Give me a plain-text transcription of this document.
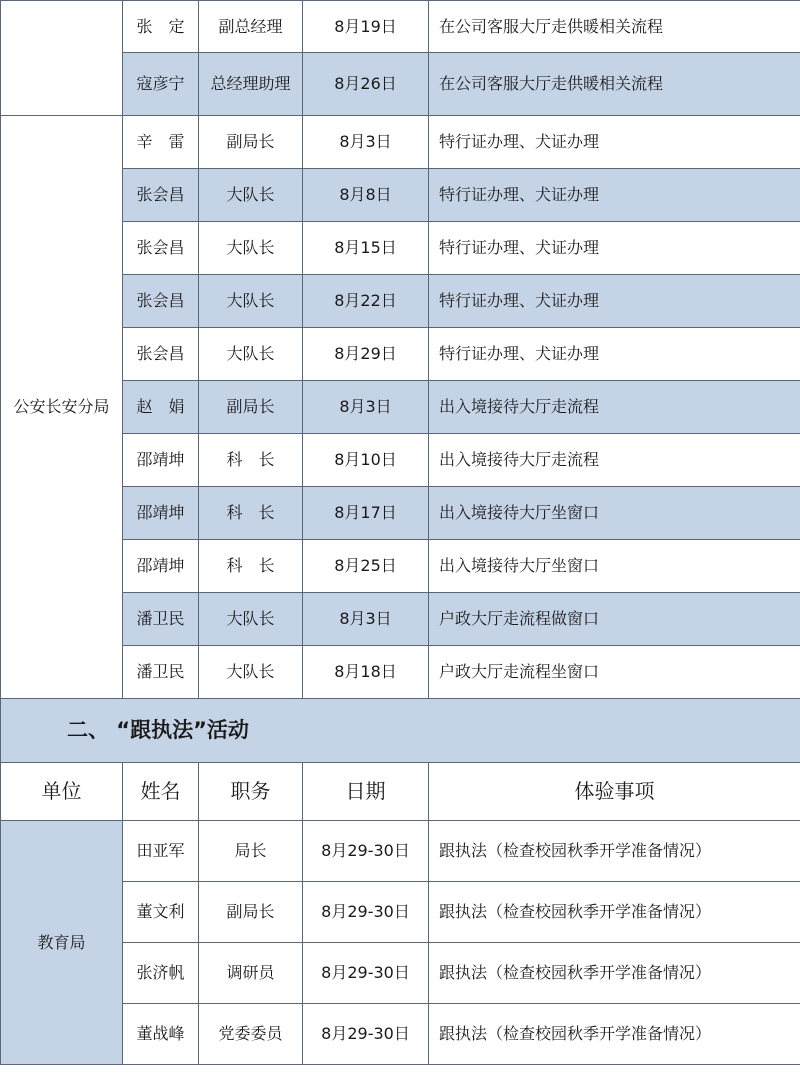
	张　定	副总经理	8月19日	在公司客服大厅走供暖相关流程
	寇彦宁	总经理助理	8月26日	在公司客服大厅走供暖相关流程
公安长安分局	辛　雷	副局长	8月3日	特行证办理、犬证办理
	张会昌	大队长	8月8日	特行证办理、犬证办理
	张会昌	大队长	8月15日	特行证办理、犬证办理
	张会昌	大队长	8月22日	特行证办理、犬证办理
	张会昌	大队长	8月29日	特行证办理、犬证办理
	赵　娟	副局长	8月3日	出入境接待大厅走流程
	邵靖坤	科　长	8月10日	出入境接待大厅走流程
	邵靖坤	科　长	8月17日	出入境接待大厅坐窗口
	邵靖坤	科　长	8月25日	出入境接待大厅坐窗口
	潘卫民	大队长	8月3日	户政大厅走流程做窗口
	潘卫民	大队长	8月18日	户政大厅走流程坐窗口
二、 “跟执法”活动				
单位	姓名	职务	日期	体验事项
教育局	田亚军	局长	8月29-30日	跟执法（检查校园秋季开学准备情况）
	董文利	副局长	8月29-30日	跟执法（检查校园秋季开学准备情况）
	张济帆	调研员	8月29-30日	跟执法（检查校园秋季开学准备情况）
	董战峰	党委委员	8月29-30日	跟执法（检查校园秋季开学准备情况）
